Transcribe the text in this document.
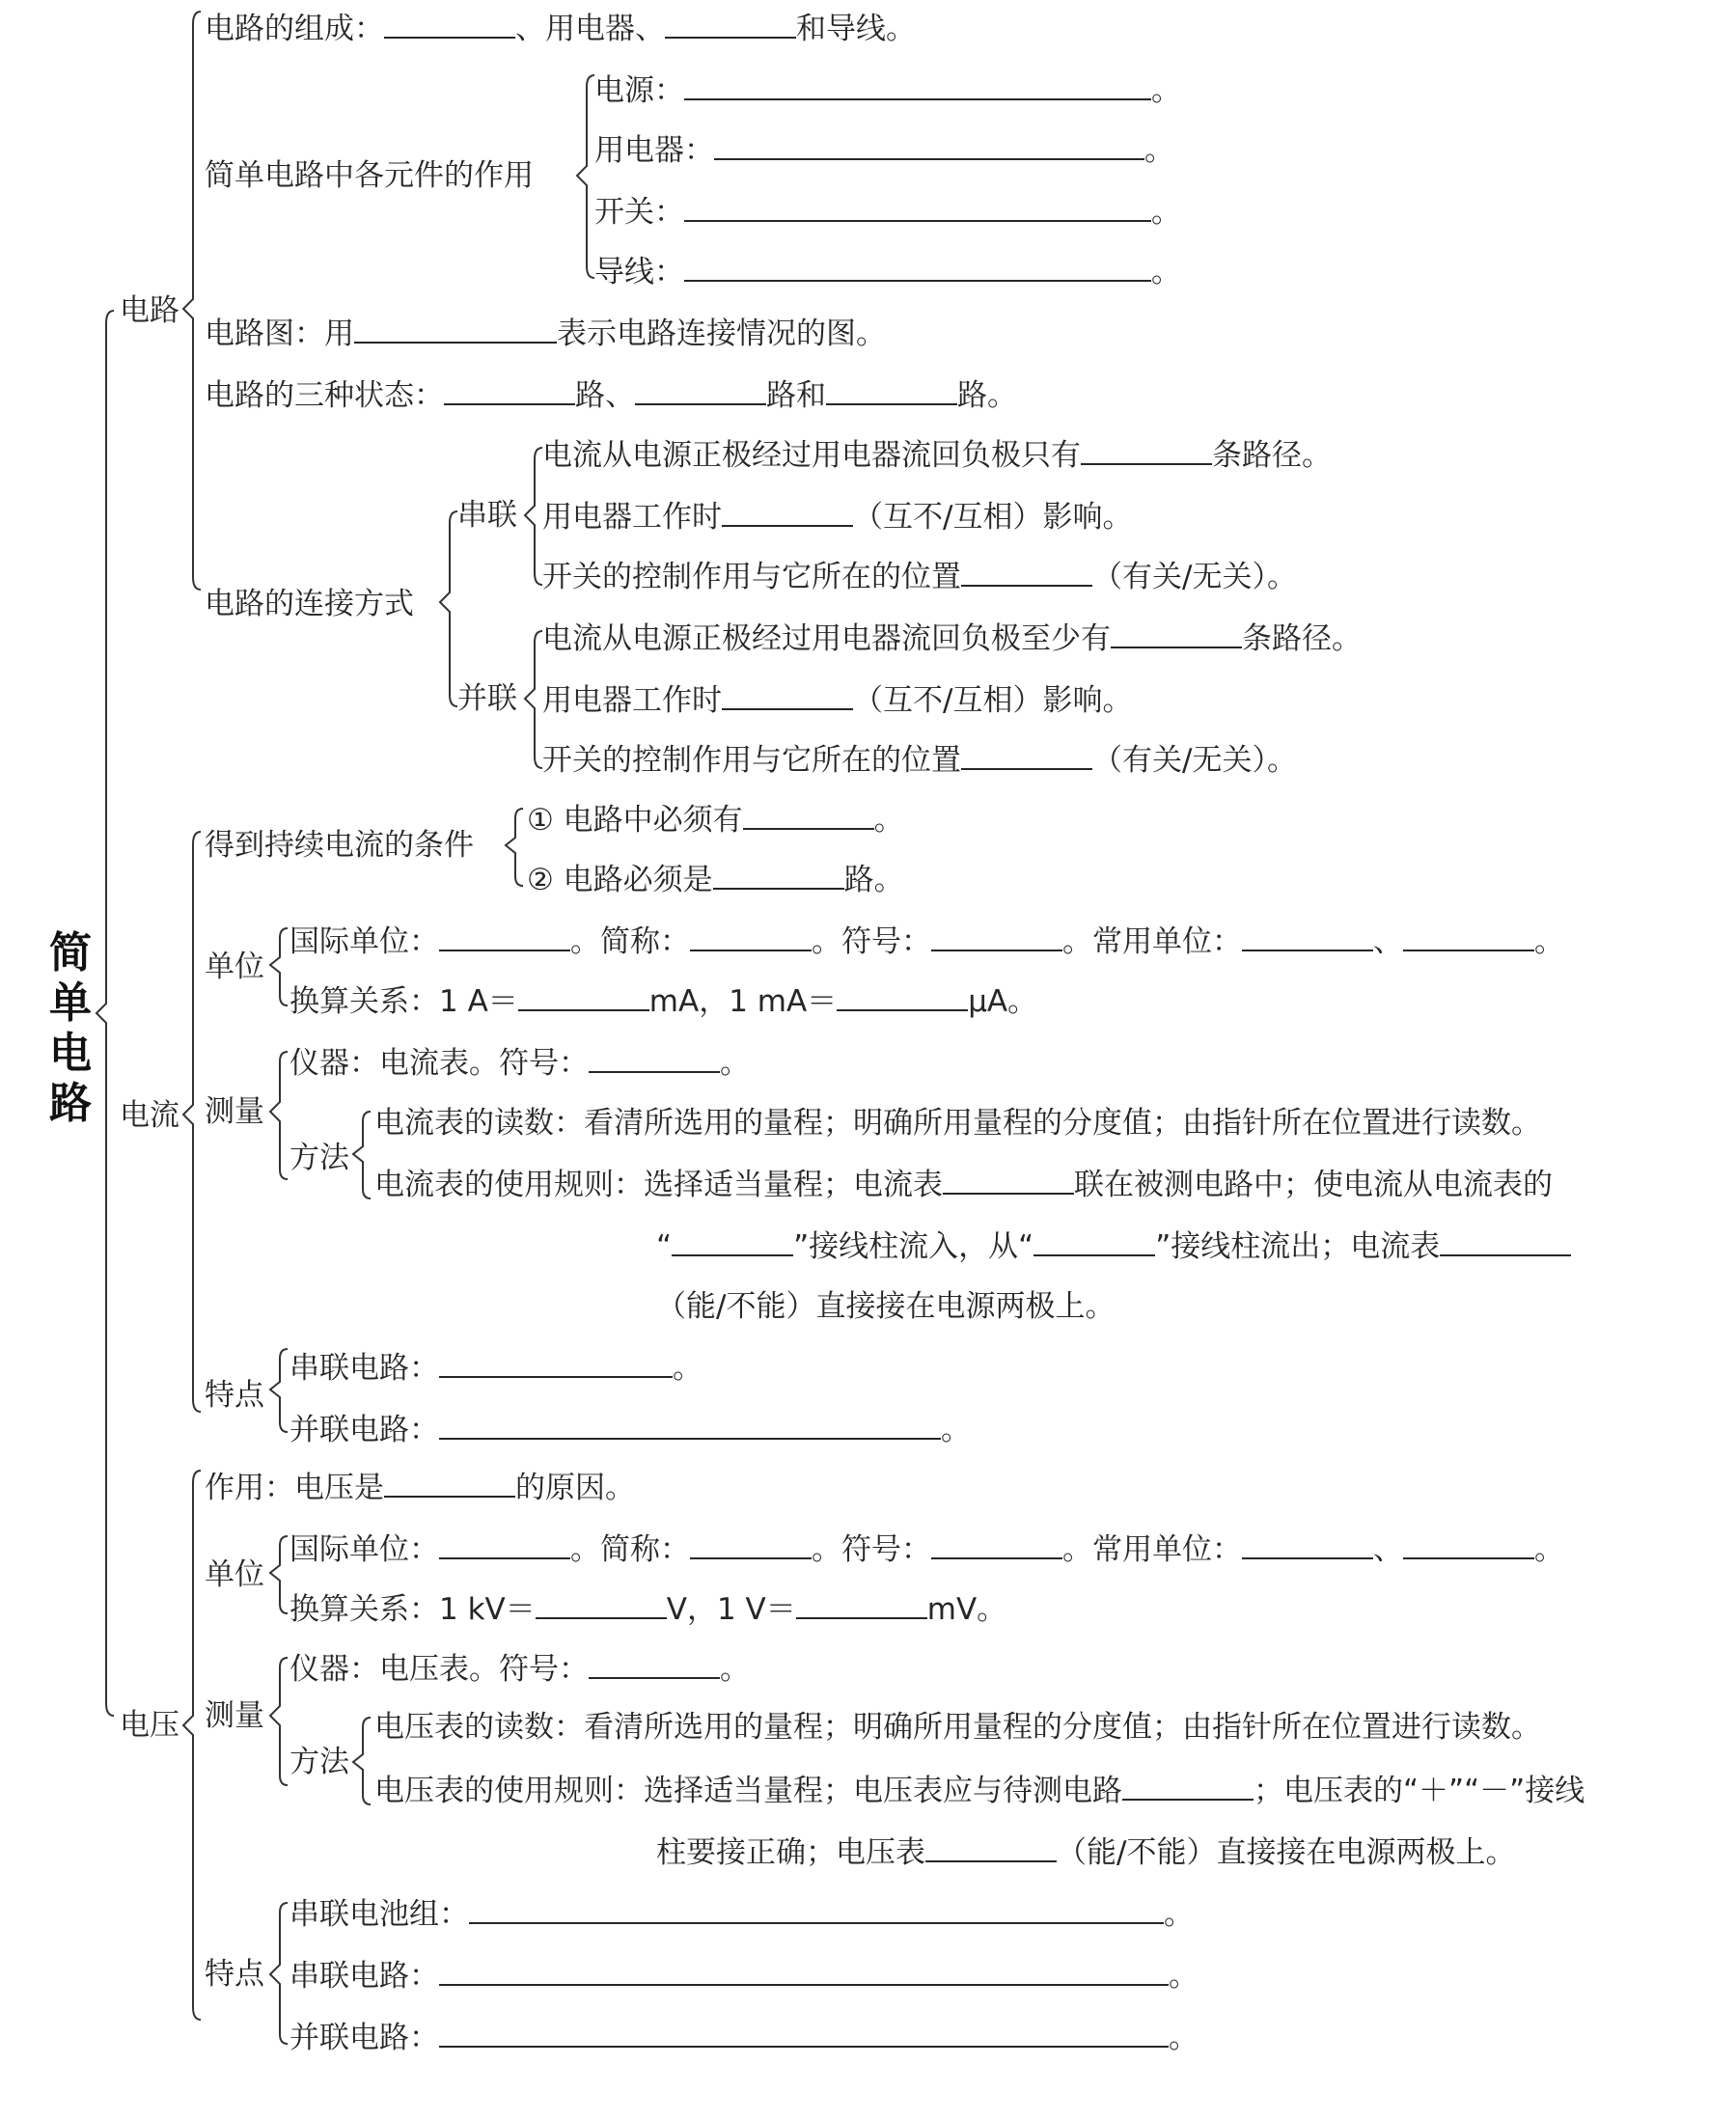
简单电路
电路
电路的组成：	、用电器、	和导线。
简单电路中各元件的作用
电源：	。
用电器：	。
开关：	。
导线：	。
电路图：用	表示电路连接情况的图。
电路的三种状态：	路、	路和	路。
电路的连接方式
串联
电流从电源正极经过用电器流回负极只有	条路径。
用电器工作时	（互不/互相）影响。
开关的控制作用与它所在的位置	（有关/无关）。
并联
电流从电源正极经过用电器流回负极至少有	条路径。
用电器工作时	（互不/互相）影响。
开关的控制作用与它所在的位置	（有关/无关）。
电流
得到持续电流的条件
① 电路中必须有	。
② 电路必须是	路。
单位
国际单位：	。简称：	。符号：	。常用单位：	、	。
换算关系：1 A＝	mA，1 mA＝	μA。
测量
仪器：电流表。符号：	。
方法
电流表的读数：看清所选用的量程；明确所用量程的分度值；由指针所在位置进行读数。
电流表的使用规则：选择适当量程；电流表	联在被测电路中；使电流从电流表的
“	”接线柱流入，从“	”接线柱流出；电流表
（能/不能）直接接在电源两极上。
特点
串联电路：	。
并联电路：	。
电压
作用：电压是	的原因。
单位
国际单位：	。简称：	。符号：	。常用单位：	、	。
换算关系：1 kV＝	V，1 V＝	mV。
测量
仪器：电压表。符号：	。
方法
电压表的读数：看清所选用的量程；明确所用量程的分度值；由指针所在位置进行读数。
电压表的使用规则：选择适当量程；电压表应与待测电路	；电压表的“＋”“－”接线
柱要接正确；电压表	（能/不能）直接接在电源两极上。
特点
串联电池组：	。
串联电路：	。
并联电路：	。
